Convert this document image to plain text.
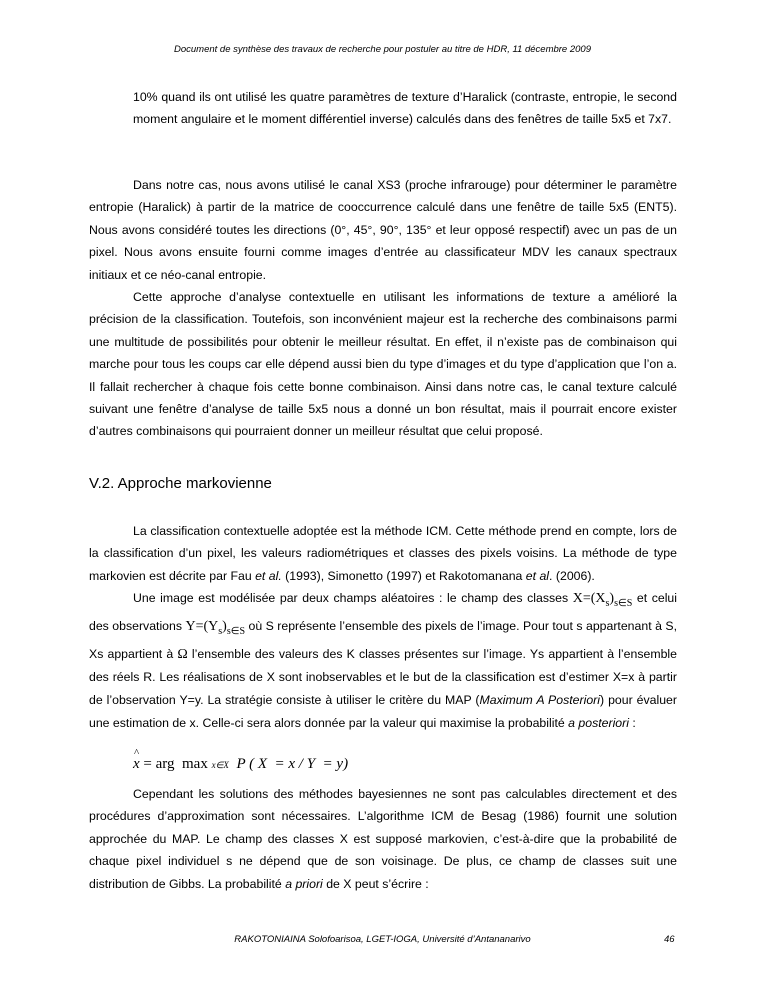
Document de synthèse des travaux de recherche pour postuler au titre de HDR, 11 décembre 2009
10% quand ils ont utilisé les quatre paramètres de texture d’Haralick (contraste, entropie, le second moment angulaire et le moment différentiel inverse) calculés dans des fenêtres de taille 5x5 et 7x7.
Dans notre cas, nous avons utilisé le canal XS3 (proche infrarouge) pour déterminer le paramètre entropie (Haralick) à partir de la matrice de cooccurrence calculé dans une fenêtre de taille 5x5 (ENT5). Nous avons considéré toutes les directions (0°, 45°, 90°, 135° et leur opposé respectif) avec un pas de un pixel. Nous avons ensuite fourni comme images d’entrée au classificateur MDV les canaux spectraux initiaux et ce néo-canal entropie.
Cette approche d’analyse contextuelle en utilisant les informations de texture a amélioré la précision de la classification. Toutefois, son inconvénient majeur est la recherche des combinaisons parmi une multitude de possibilités pour obtenir le meilleur résultat. En effet, il n’existe pas de combinaison qui marche pour tous les coups car elle dépend aussi bien du type d’images et du type d’application que l’on a. Il fallait rechercher à chaque fois cette bonne combinaison. Ainsi dans notre cas, le canal texture calculé suivant une fenêtre d’analyse de taille 5x5 nous a donné un bon résultat, mais il pourrait encore exister d’autres combinaisons qui pourraient donner un meilleur résultat que celui proposé.
V.2. Approche markovienne
La classification contextuelle adoptée est la méthode ICM. Cette méthode prend en compte, lors de la classification d’un pixel, les valeurs radiométriques et classes des pixels voisins. La méthode de type markovien est décrite par Fau et al. (1993), Simonetto (1997) et Rakotomanana et al. (2006).
Une image est modélisée par deux champs aléatoires : le champ des classes $X=(X_s)_{s\in S}$ et celui des observations $Y=(Y_s)_{s\in S}$ où S représente l’ensemble des pixels de l’image. Pour tout s appartenant à S, Xs appartient à Ω l’ensemble des valeurs des K classes présentes sur l’image. Ys appartient à l’ensemble des réels R. Les réalisations de X sont inobservables et le but de la classification est d’estimer X=x à partir de l’observation Y=y. La stratégie consiste à utiliser le critère du MAP (Maximum A Posteriori) pour évaluer une estimation de x. Celle-ci sera alors donnée par la valeur qui maximise la probabilité a posteriori :
^ x = arg  max x∈X P ( X  = x / Y  = y)
Cependant les solutions des méthodes bayesiennes ne sont pas calculables directement et des procédures d’approximation sont nécessaires. L’algorithme ICM de Besag (1986) fournit une solution approchée du MAP. Le champ des classes X est supposé markovien, c’est-à-dire que la probabilité de chaque pixel individuel s ne dépend que de son voisinage. De plus, ce champ de classes suit une distribution de Gibbs. La probabilité a priori de X peut s’écrire :
RAKOTONIAINA Solofoarisoa, LGET-IOGA, Université d’Antananarivo	46
